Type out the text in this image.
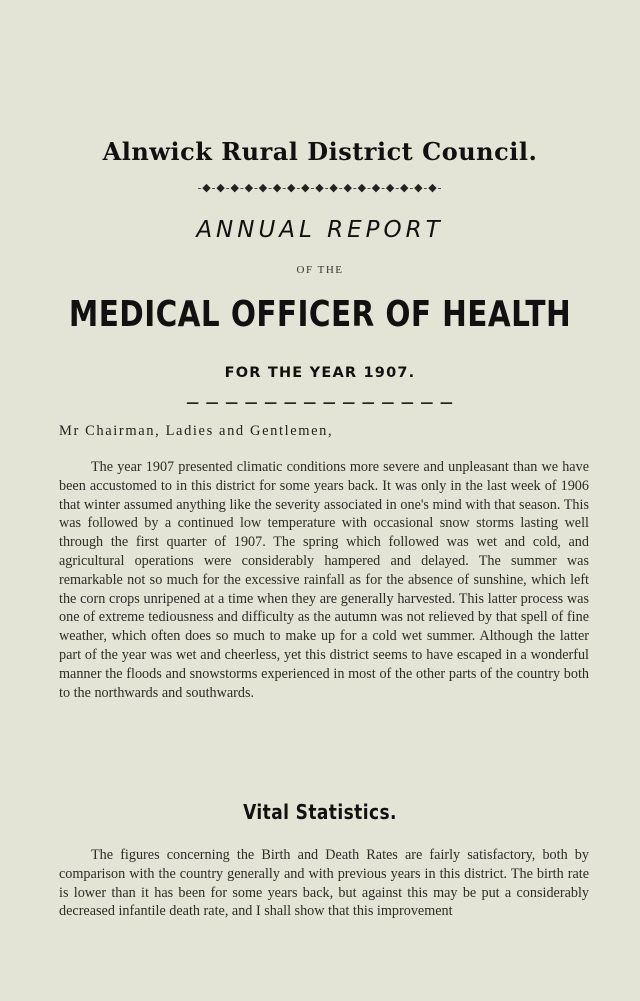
Alnwick Rural District Council.
-◆-◆-◆-◆-◆-◆-◆-◆-◆-◆-◆-◆-◆-◆-◆-◆-◆-
ANNUAL REPORT
OF THE
MEDICAL OFFICER OF HEALTH
FOR THE YEAR 1907.
— — — — — — — — — — — — — —
Mr Chairman, Ladies and Gentlemen,

The year 1907 presented climatic conditions more severe and unpleasant than we have been accustomed to in this district for some years back. It was only in the last week of 1906 that winter assumed anything like the severity associated in one's mind with that season. This was followed by a continued low temperature with occasional snow storms lasting well through the first quarter of 1907. The spring which followed was wet and cold, and agricultural operations were considerably hampered and delayed. The summer was remarkable not so much for the excessive rainfall as for the absence of sunshine, which left the corn crops unripened at a time when they are generally harvested. This latter process was one of extreme tediousness and difficulty as the autumn was not relieved by that spell of fine weather, which often does so much to make up for a cold wet summer. Although the latter part of the year was wet and cheerless, yet this district seems to have escaped in a wonderful manner the floods and snowstorms experienced in most of the other parts of the country both to the northwards and southwards.

Vital Statistics.

The figures concerning the Birth and Death Rates are fairly satisfactory, both by comparison with the country generally and with previous years in this district. The birth rate is lower than it has been for some years back, but against this may be put a considerably decreased infantile death rate, and I shall show that this improvement
